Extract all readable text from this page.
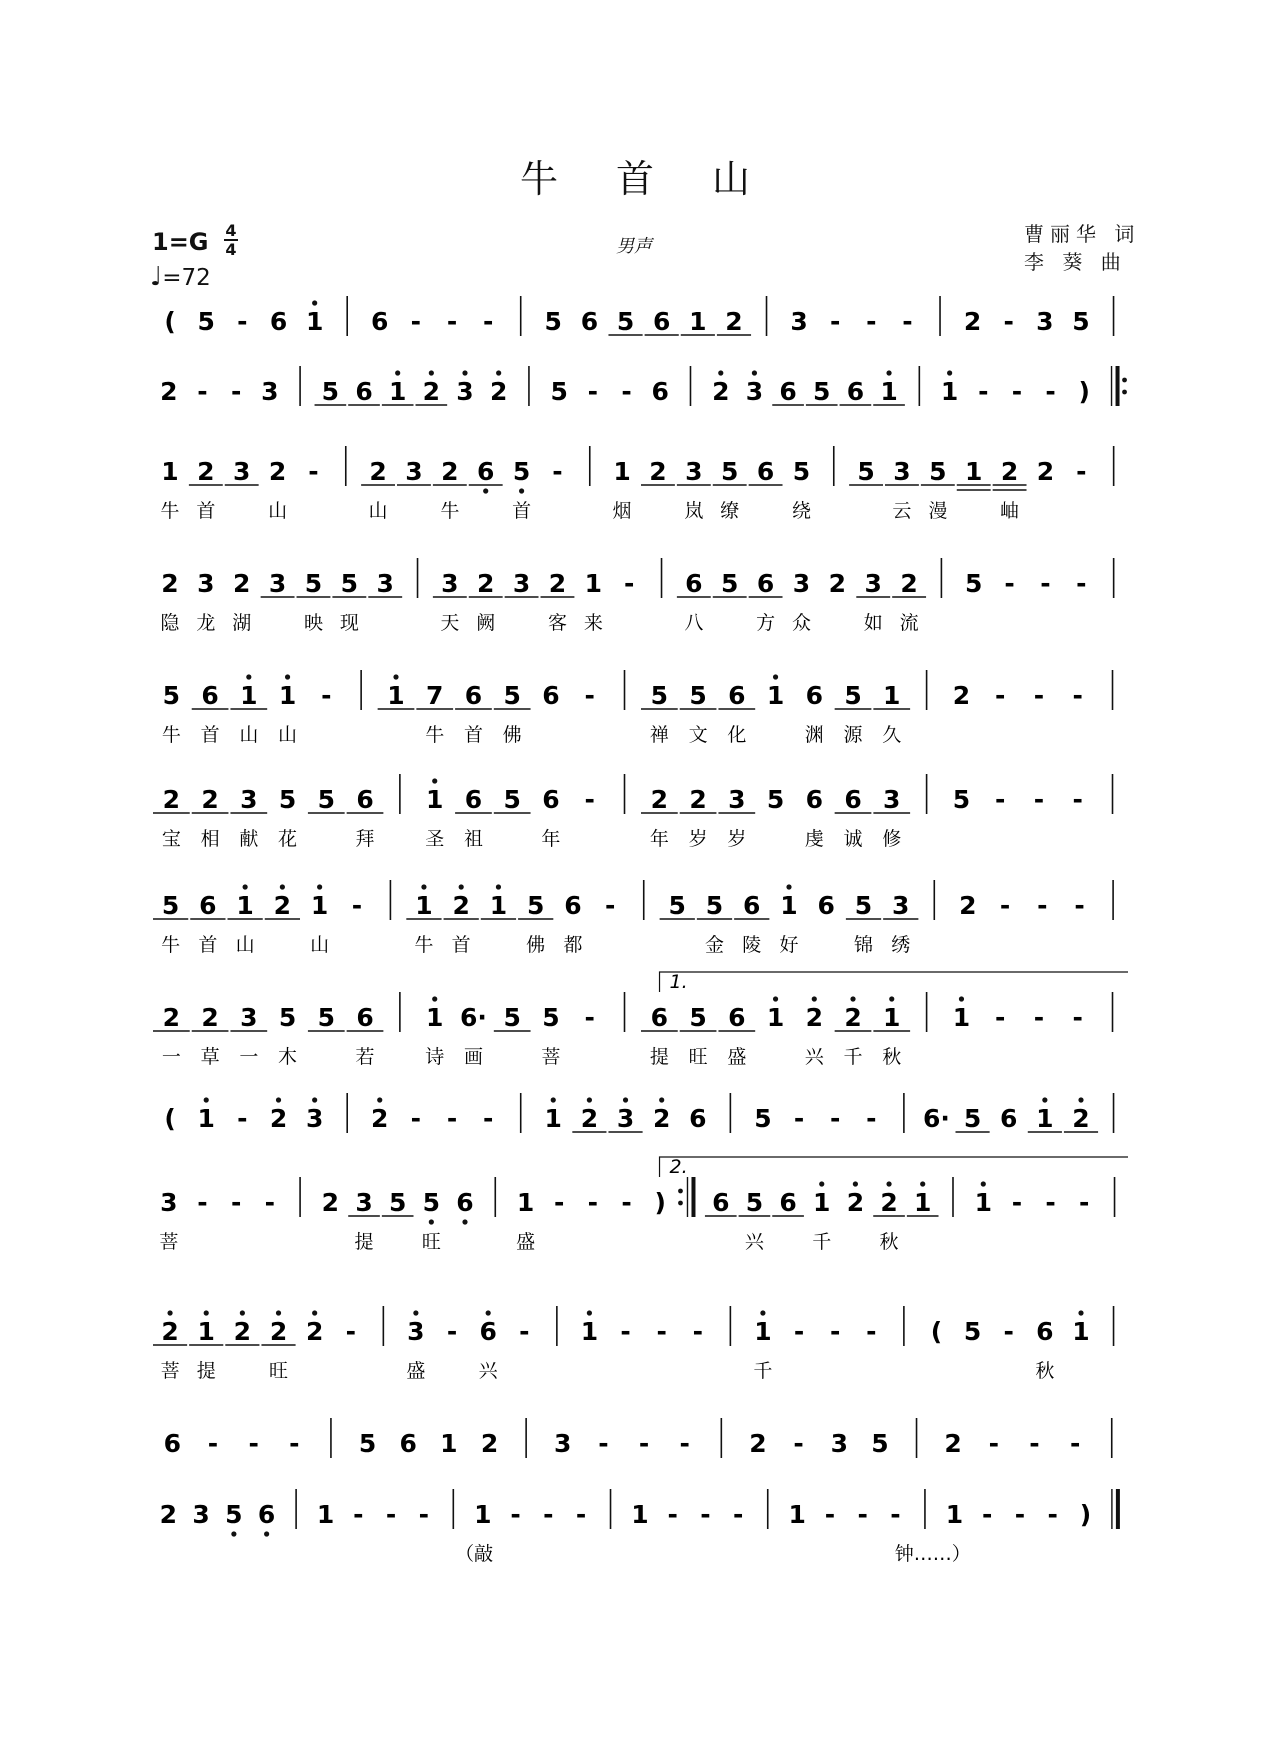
牛 首 山
1=G 4
4
♩=72
男声
曹丽华 词
李 葵 曲
( 5 - 6 1 6 - - - 5 6 5 6 1 2 3 - - - 2 - 3 5
2 - - 3 5 6 1 2 3 2 5 - - 6 2 3 6 5 6 1 1 - - - )
1 2 3 2 - 2 3 2 6 5 - 1 2 3 5 6 5 5 3 5 1 2 2 -
牛 首	山	山	牛	首	烟	岚 缭	绕	云 漫	岫
2 3 2 3 5 5 3 3 2 3 2 1 - 6 5 6 3 2 3 2 5 - - -
隐 龙 湖	映 现	天 阙	客 来	八	方 众	如 流
5 6 1 1 - 1 7 6 5 6 - 5 5 6 1 6 5 1 2 - - -
牛 首 山 山	牛 首 佛	禅 文 化	渊 源 久
2 2 3 5 5 6 1 6 5 6 - 2 2 3 5 6 6 3 5 - - -
宝 相 献 花	拜	圣 祖	年	年 岁 岁	虔 诚 修
5 6 1 2 1 - 1 2 1 5 6 - 5 5 6 1 6 5 3 2 - - -
牛 首 山	山	牛 首	佛 都	金 陵 好	锦 绣
2 2 3 5 5 6 1 6· 5 5 - 6 5 6 1 2 2 1 1 - - -
1.
一 草 一 木	若	诗 画	菩	提 旺 盛	兴 千 秋
( 1 - 2 3 2 - - - 1 2 3 2 6 5 - - - 6· 5 6 1 2
3 - - - 2 3 5 5 6 1 - - - ) 6 5 6 1 2 2 1 1 - - -
2.
菩	提	旺	盛	兴	千	秋
2 1 2 2 2 - 3 - 6 - 1 - - - 1 - - - ( 5 - 6 1
菩 提	旺	盛	兴	千	秋
6 - - - 5 6 1 2 3 - - - 2 - 3 5 2 - - -
2 3 5 6 1 - - - 1 - - - 1 - - - 1 - - - 1 - - - )
（敲	钟……）
